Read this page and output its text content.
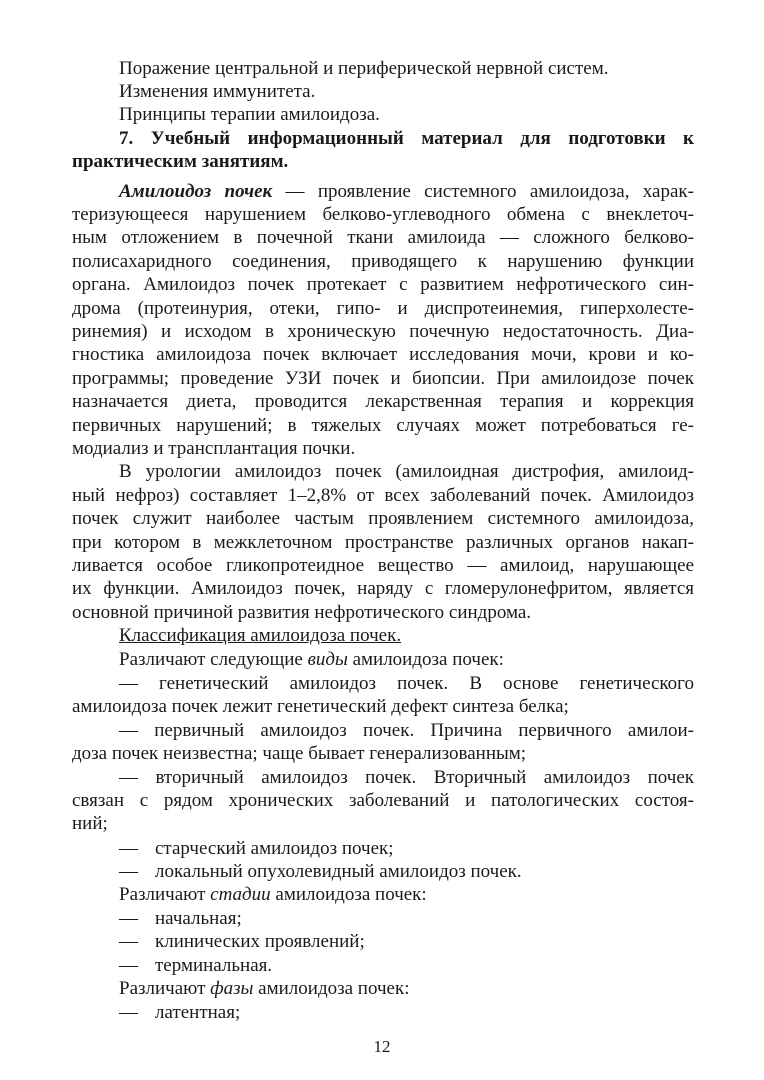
Поражение центральной и периферической нервной систем.
Изменения иммунитета.
Принципы терапии амилоидоза.
7. Учебный информационный материал для подготовки к
практическим занятиям.
Амилоидоз почек — проявление системного амилоидоза, харак-
теризующееся нарушением белково-углеводного обмена с внеклеточ-
ным отложением в почечной ткани амилоида — сложного белково-
полисахаридного соединения, приводящего к нарушению функции
органа. Амилоидоз почек протекает с развитием нефротического син-
дрома (протеинурия, отеки, гипо- и диспротеинемия, гиперхолесте-
ринемия) и исходом в хроническую почечную недостаточность. Диа-
гностика амилоидоза почек включает исследования мочи, крови и ко-
программы; проведение УЗИ почек и биопсии. При амилоидозе почек
назначается диета, проводится лекарственная терапия и коррекция
первичных нарушений; в тяжелых случаях может потребоваться ге-
модиализ и трансплантация почки.
В урологии амилоидоз почек (амилоидная дистрофия, амилоид-
ный нефроз) составляет 1–2,8% от всех заболеваний почек. Амилоидоз
почек служит наиболее частым проявлением системного амилоидоза,
при котором в межклеточном пространстве различных органов накап-
ливается особое гликопротеидное вещество — амилоид, нарушающее
их функции. Амилоидоз почек, наряду с гломерулонефритом, является
основной причиной развития нефротического синдрома.
Классификация амилоидоза почек.
Различают следующие виды амилоидоза почек:
— генетический амилоидоз почек. В основе генетического
амилоидоза почек лежит генетический дефект синтеза белка;
— первичный амилоидоз почек. Причина первичного амилои-
доза почек неизвестна; чаще бывает генерализованным;
— вторичный амилоидоз почек. Вторичный амилоидоз почек
связан с рядом хронических заболеваний и патологических состоя-
ний;
— старческий амилоидоз почек;
— локальный опухолевидный амилоидоз почек.
Различают стадии амилоидоза почек:
— начальная;
— клинических проявлений;
— терминальная.
Различают фазы амилоидоза почек:
— латентная;
12
